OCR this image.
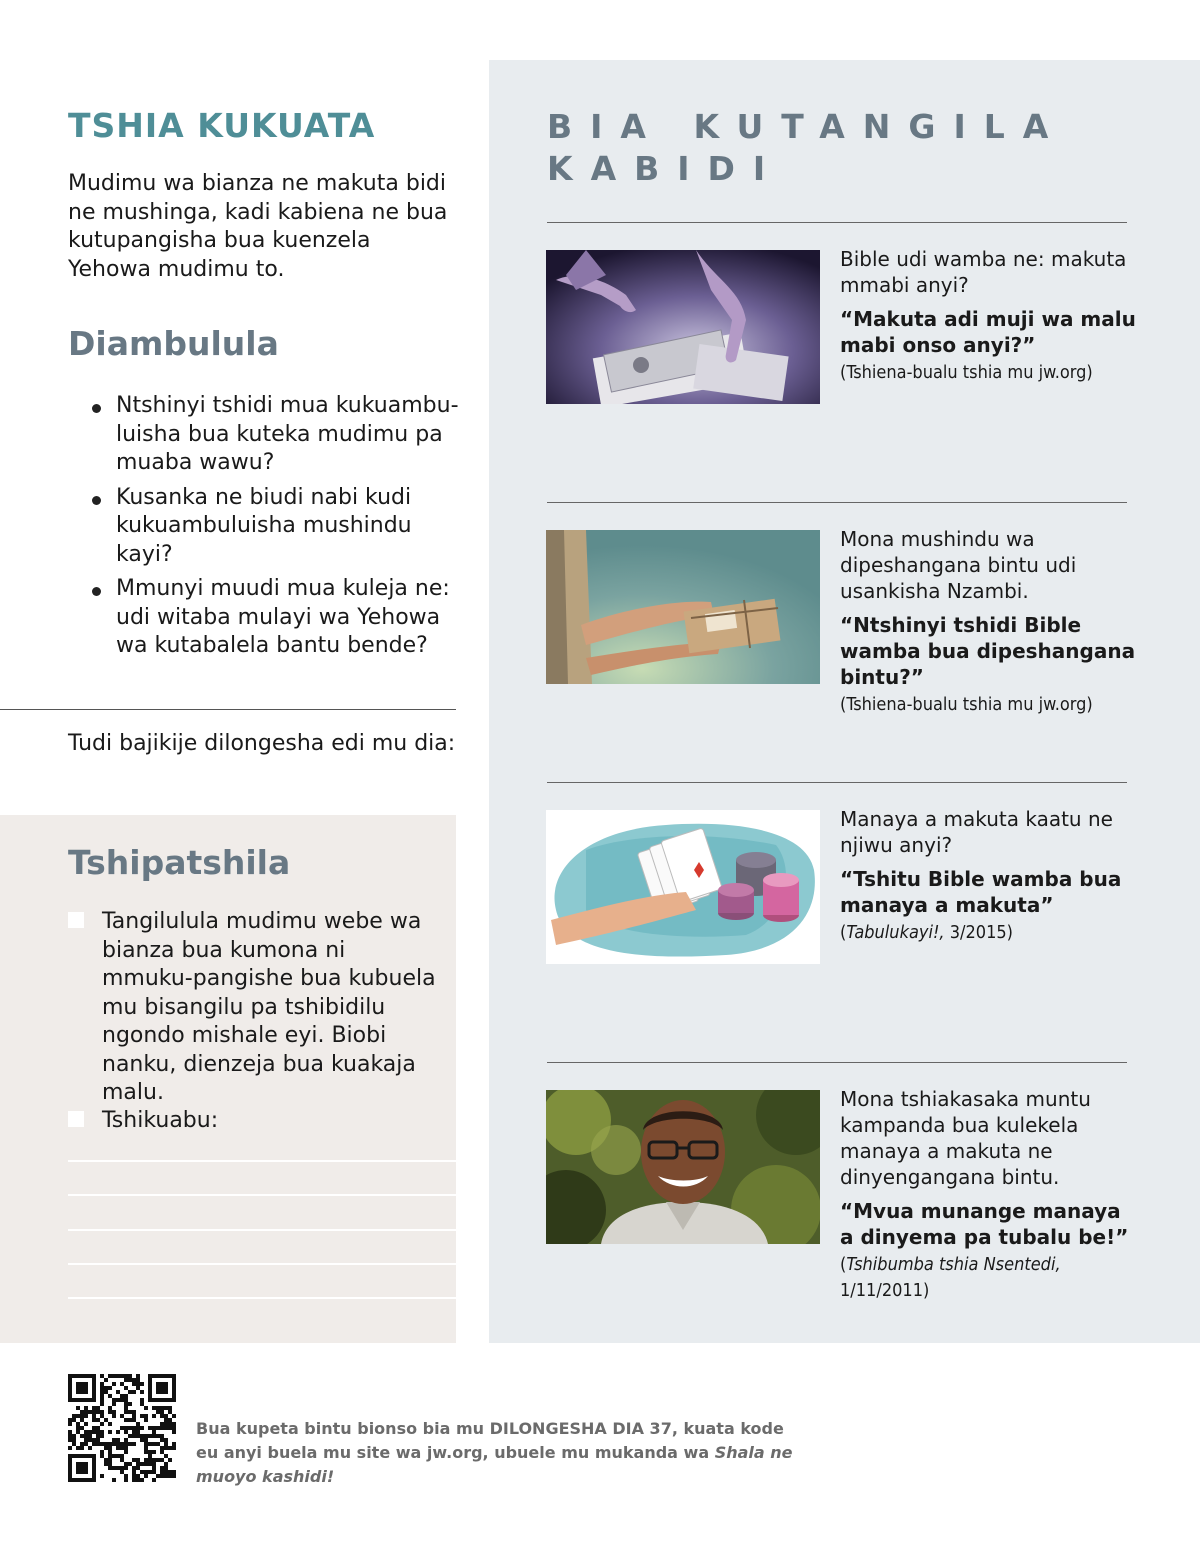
TSHIA KUKUATA

Mudimu wa bianza ne makuta bidi ne mushinga, kadi kabiena ne bua kutupangisha bua kuenzela Yehowa mudimu to.

Diambulula
Ntshinyi tshidi mua kukuambu-luisha bua kuteka mudimu pa muaba wawu?
Kusanka ne biudi nabi kudi kukuambuluisha mushindu kayi?
Mmunyi muudi mua kuleja ne: udi witaba mulayi wa Yehowa wa kutabalela bantu bende?

Tudi bajikije dilongesha edi mu dia:

Tshipatshila

Tangilulula mudimu webe wa bianza bua kumona ni mmuku-pangishe bua kubuela mu bisangilu pa tshibidilu ngondo mishale eyi. Biobi nanku, dienzeja bua kuakaja malu.

Tshikuabu:

BIA KUTANGILA KABIDI

Bible udi wamba ne: makuta mmabi anyi?

“Makuta adi muji wa malu mabi onso anyi?”

(Tshiena-bualu tshia mu jw.org)

Mona mushindu wa dipeshangana bintu udi usankisha Nzambi.

“Ntshinyi tshidi Bible wamba bua dipeshangana bintu?”

(Tshiena-bualu tshia mu jw.org)

Manaya a makuta kaatu ne njiwu anyi?

“Tshitu Bible wamba bua manaya a makuta”

(Tabulukayi!, 3/2015)

Mona tshiakasaka muntu kampanda bua kulekela manaya a makuta ne dinyengangana bintu.

“Mvua munange manaya a dinyema pa tubalu be!”

(Tshibumba tshia Nsentedi, 1/11/2011)

Bua kupeta bintu bionso bia mu DILONGESHA DIA 37, kuata kode eu anyi buela mu site wa jw.org, ubuele mu mukanda wa Shala ne muoyo kashidi!
